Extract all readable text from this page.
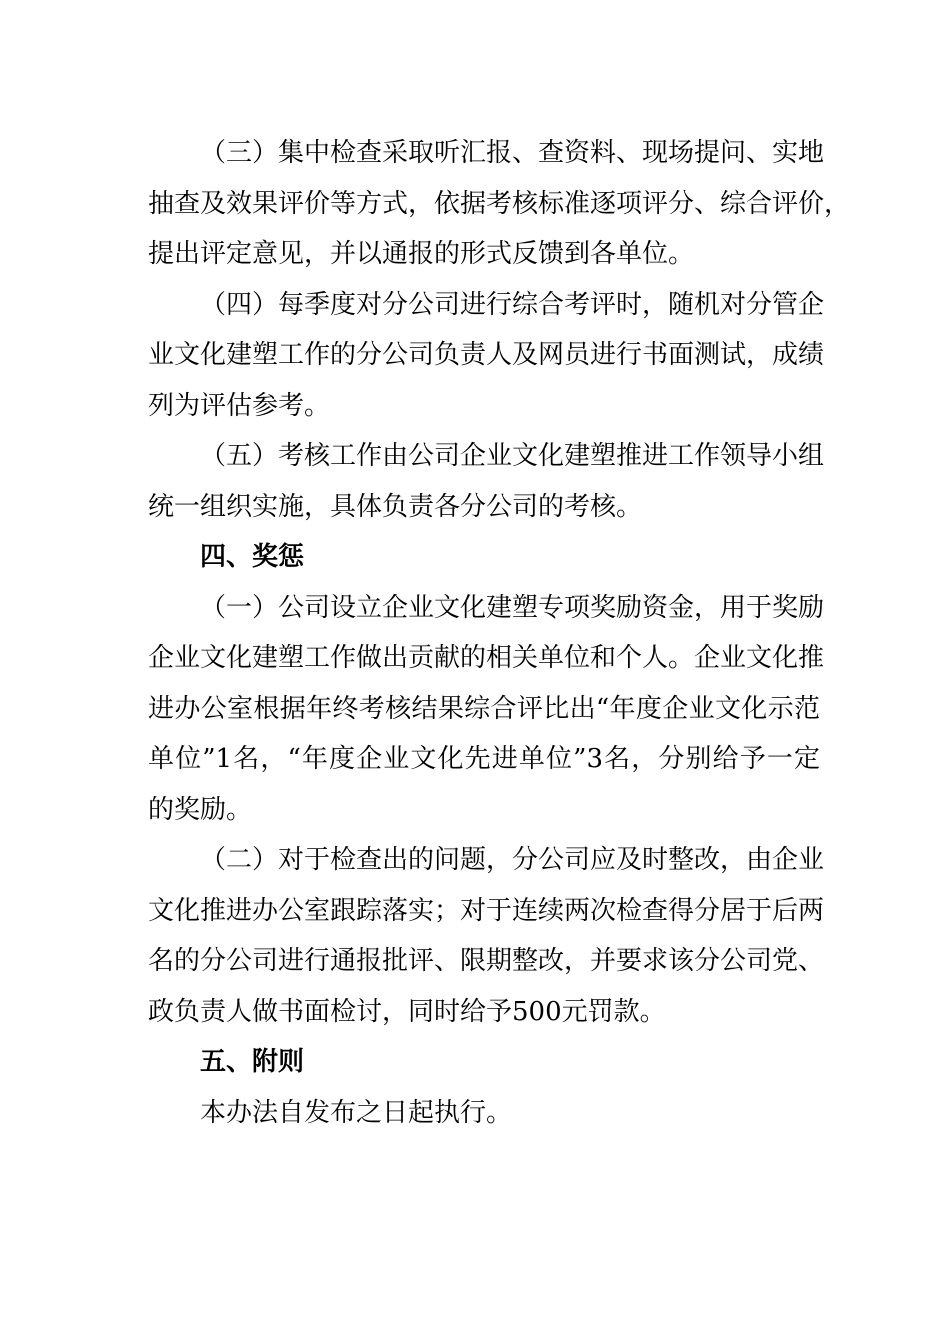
（三）集中检查采取听汇报、查资料、现场提问、实地
抽查及效果评价等方式，依据考核标准逐项评分、综合评价，
提出评定意见，并以通报的形式反馈到各单位。
（四）每季度对分公司进行综合考评时，随机对分管企
业文化建塑工作的分公司负责人及网员进行书面测试，成绩
列为评估参考。
（五）考核工作由公司企业文化建塑推进工作领导小组
统一组织实施，具体负责各分公司的考核。
四、奖惩
（一）公司设立企业文化建塑专项奖励资金，用于奖励
企业文化建塑工作做出贡献的相关单位和个人。企业文化推
进办公室根据年终考核结果综合评比出“年度企业文化示范
单位”1名，“年度企业文化先进单位”3名，分别给予一定
的奖励。
（二）对于检查出的问题，分公司应及时整改，由企业
文化推进办公室跟踪落实；对于连续两次检查得分居于后两
名的分公司进行通报批评、限期整改，并要求该分公司党、
政负责人做书面检讨，同时给予500元罚款。
五、附则
本办法自发布之日起执行。
